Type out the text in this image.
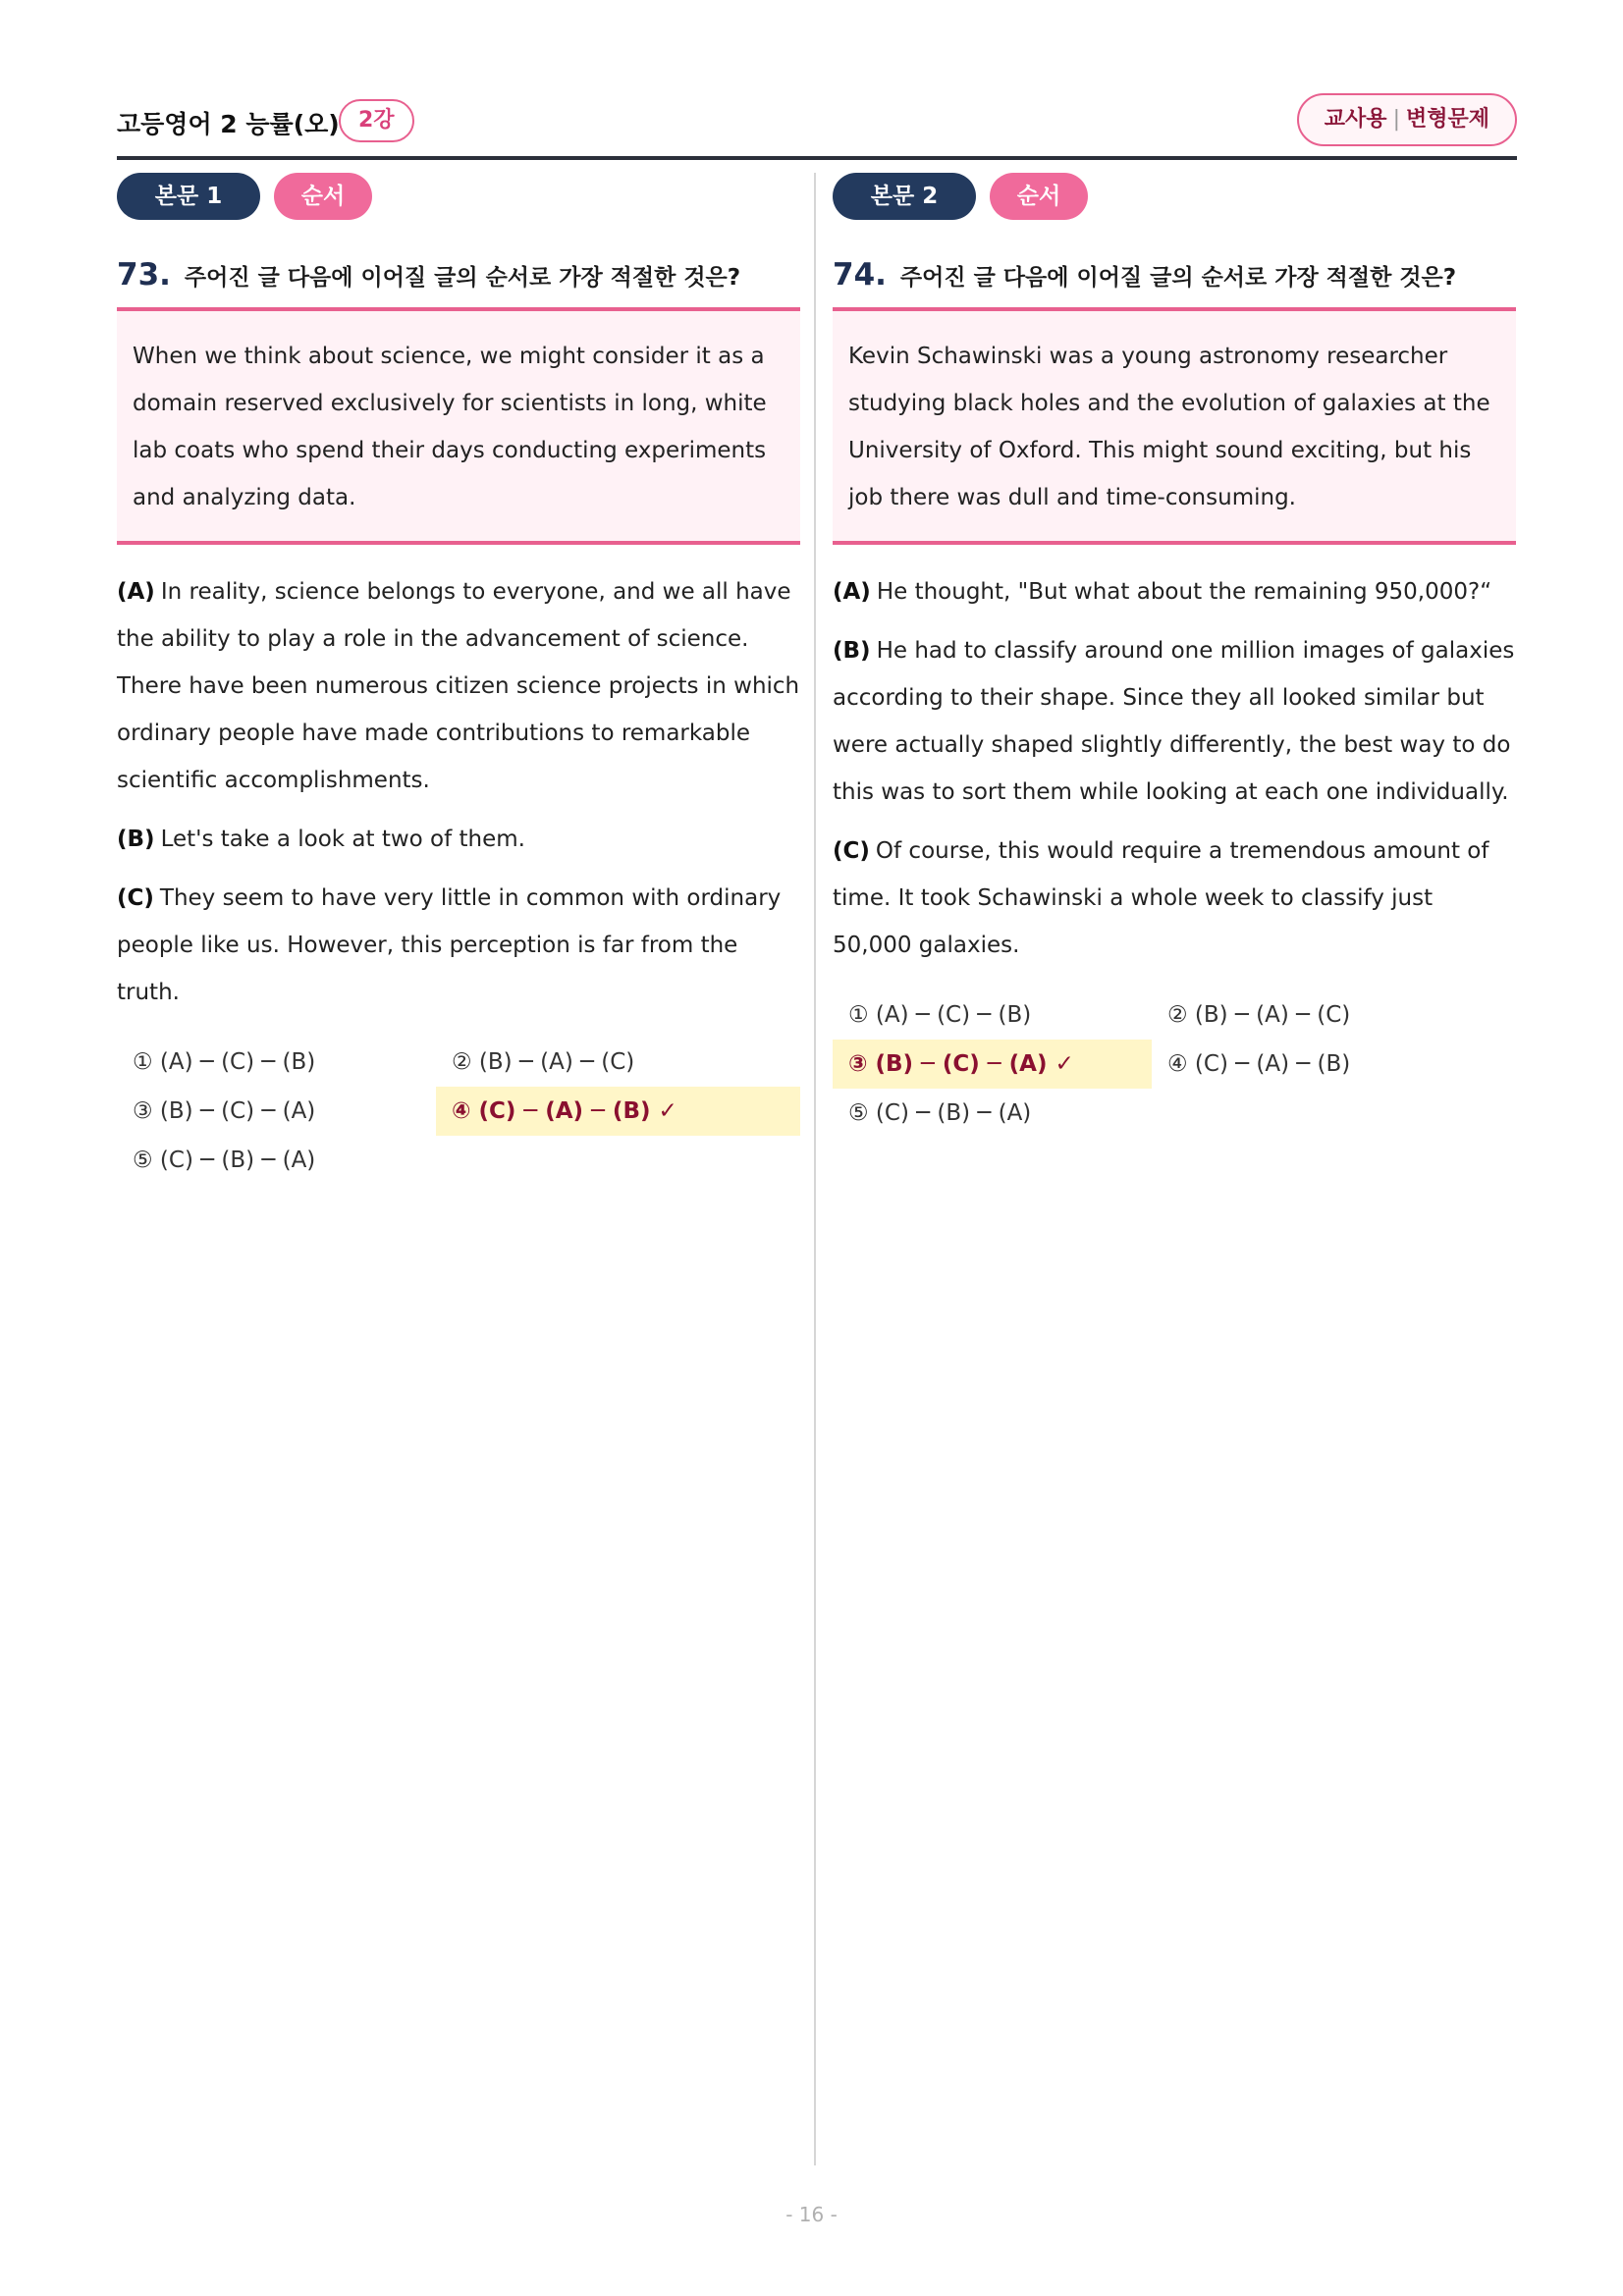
고등영어 2 능률(오) 2강	교사용 | 변형문제
본문 1	순서
73. 주어진 글 다음에 이어질 글의 순서로 가장 적절한 것은?
When we think about science, we might consider it as a domain reserved exclusively for scientists in long, white lab coats who spend their days conducting experiments and analyzing data.
(A) In reality, science belongs to everyone, and we all have the ability to play a role in the advancement of science. There have been numerous citizen science projects in which ordinary people have made contributions to remarkable scientific accomplishments.
(B) Let's take a look at two of them.
(C) They seem to have very little in common with ordinary people like us. However, this perception is far from the truth.
① (A) ─ (C) ─ (B)	② (B) ─ (A) ─ (C)
③ (B) ─ (C) ─ (A)	④ (C) ─ (A) ─ (B) ✓
⑤ (C) ─ (B) ─ (A)
본문 2	순서
74. 주어진 글 다음에 이어질 글의 순서로 가장 적절한 것은?
Kevin Schawinski was a young astronomy researcher studying black holes and the evolution of galaxies at the University of Oxford. This might sound exciting, but his job there was dull and time-consuming.
(A) He thought, "But what about the remaining 950,000?“
(B) He had to classify around one million images of galaxies according to their shape. Since they all looked similar but were actually shaped slightly differently, the best way to do this was to sort them while looking at each one individually.
(C) Of course, this would require a tremendous amount of time. It took Schawinski a whole week to classify just 50,000 galaxies.
① (A) ─ (C) ─ (B)	② (B) ─ (A) ─ (C)
③ (B) ─ (C) ─ (A) ✓	④ (C) ─ (A) ─ (B)
⑤ (C) ─ (B) ─ (A)
- 16 -
